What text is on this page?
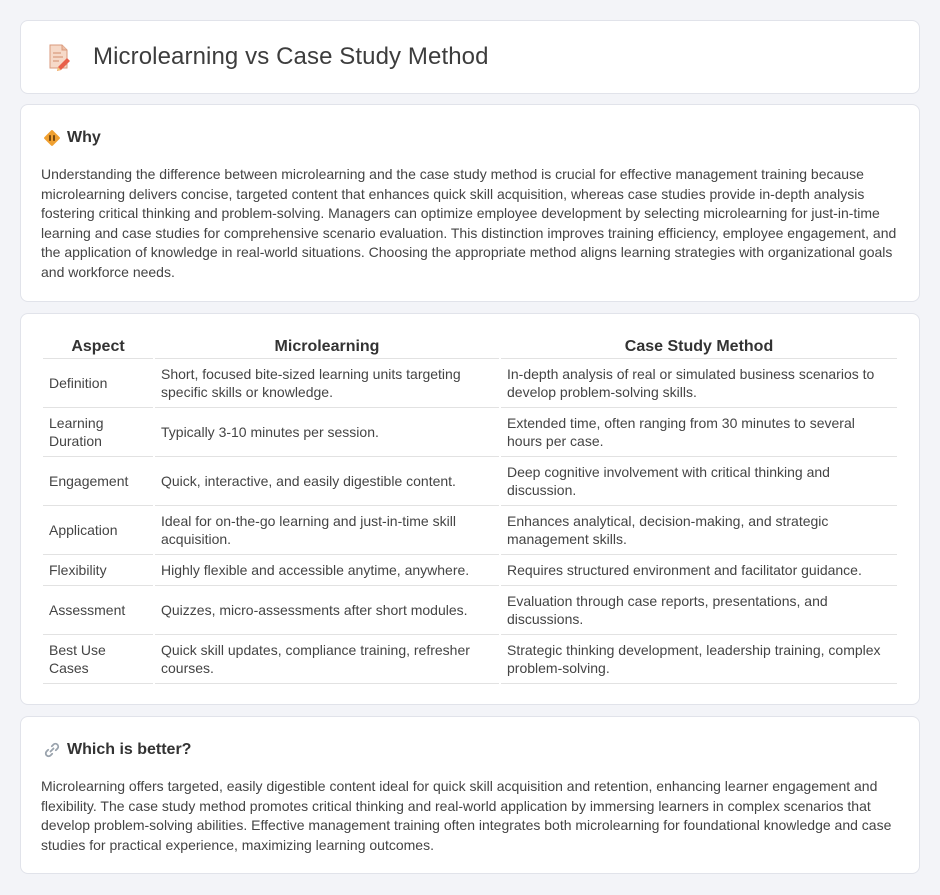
Microlearning vs Case Study Method
Why

Understanding the difference between microlearning and the case study method is crucial for effective management training because microlearning delivers concise, targeted content that enhances quick skill acquisition, whereas case studies provide in-depth analysis fostering critical thinking and problem-solving. Managers can optimize employee development by selecting microlearning for just-in-time learning and case studies for comprehensive scenario evaluation. This distinction improves training efficiency, employee engagement, and the application of knowledge in real-world situations. Choosing the appropriate method aligns learning strategies with organizational goals and workforce needs.

Aspect	Microlearning	Case Study Method
Definition	Short, focused bite-sized learning units targeting specific skills or knowledge.	In-depth analysis of real or simulated business scenarios to develop problem-solving skills.
Learning Duration	Typically 3-10 minutes per session.	Extended time, often ranging from 30 minutes to several hours per case.
Engagement	Quick, interactive, and easily digestible content.	Deep cognitive involvement with critical thinking and discussion.
Application	Ideal for on-the-go learning and just-in-time skill acquisition.	Enhances analytical, decision-making, and strategic management skills.
Flexibility	Highly flexible and accessible anytime, anywhere.	Requires structured environment and facilitator guidance.
Assessment	Quizzes, micro-assessments after short modules.	Evaluation through case reports, presentations, and discussions.
Best Use Cases	Quick skill updates, compliance training, refresher courses.	Strategic thinking development, leadership training, complex problem-solving.
Which is better?

Microlearning offers targeted, easily digestible content ideal for quick skill acquisition and retention, enhancing learner engagement and flexibility. The case study method promotes critical thinking and real-world application by immersing learners in complex scenarios that develop problem-solving abilities. Effective management training often integrates both microlearning for foundational knowledge and case studies for practical experience, maximizing learning outcomes.
